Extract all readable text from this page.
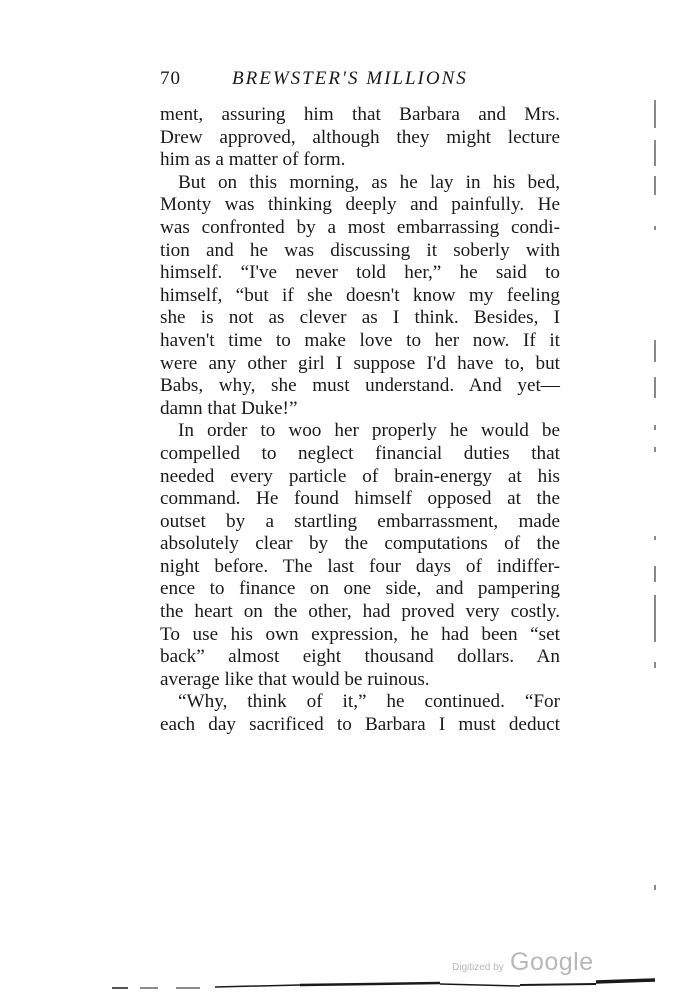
70	BREWSTER'S MILLIONS
ment, assuring him that Barbara and Mrs.
Drew approved, although they might lecture
him as a matter of form.
But on this morning, as he lay in his bed,
Monty was thinking deeply and painfully. He
was confronted by a most embarrassing condi-
tion and he was discussing it soberly with
himself. “I've never told her,” he said to
himself, “but if she doesn't know my feeling
she is not as clever as I think. Besides, I
haven't time to make love to her now. If it
were any other girl I suppose I'd have to, but
Babs, why, she must understand. And yet—
damn that Duke!”
In order to woo her properly he would be
compelled to neglect financial duties that
needed every particle of brain-energy at his
command. He found himself opposed at the
outset by a startling embarrassment, made
absolutely clear by the computations of the
night before. The last four days of indiffer-
ence to finance on one side, and pampering
the heart on the other, had proved very costly.
To use his own expression, he had been “set
back” almost eight thousand dollars. An
average like that would be ruinous.
“Why, think of it,” he continued. “For
each day sacrificed to Barbara I must deduct
Digitized by Google
